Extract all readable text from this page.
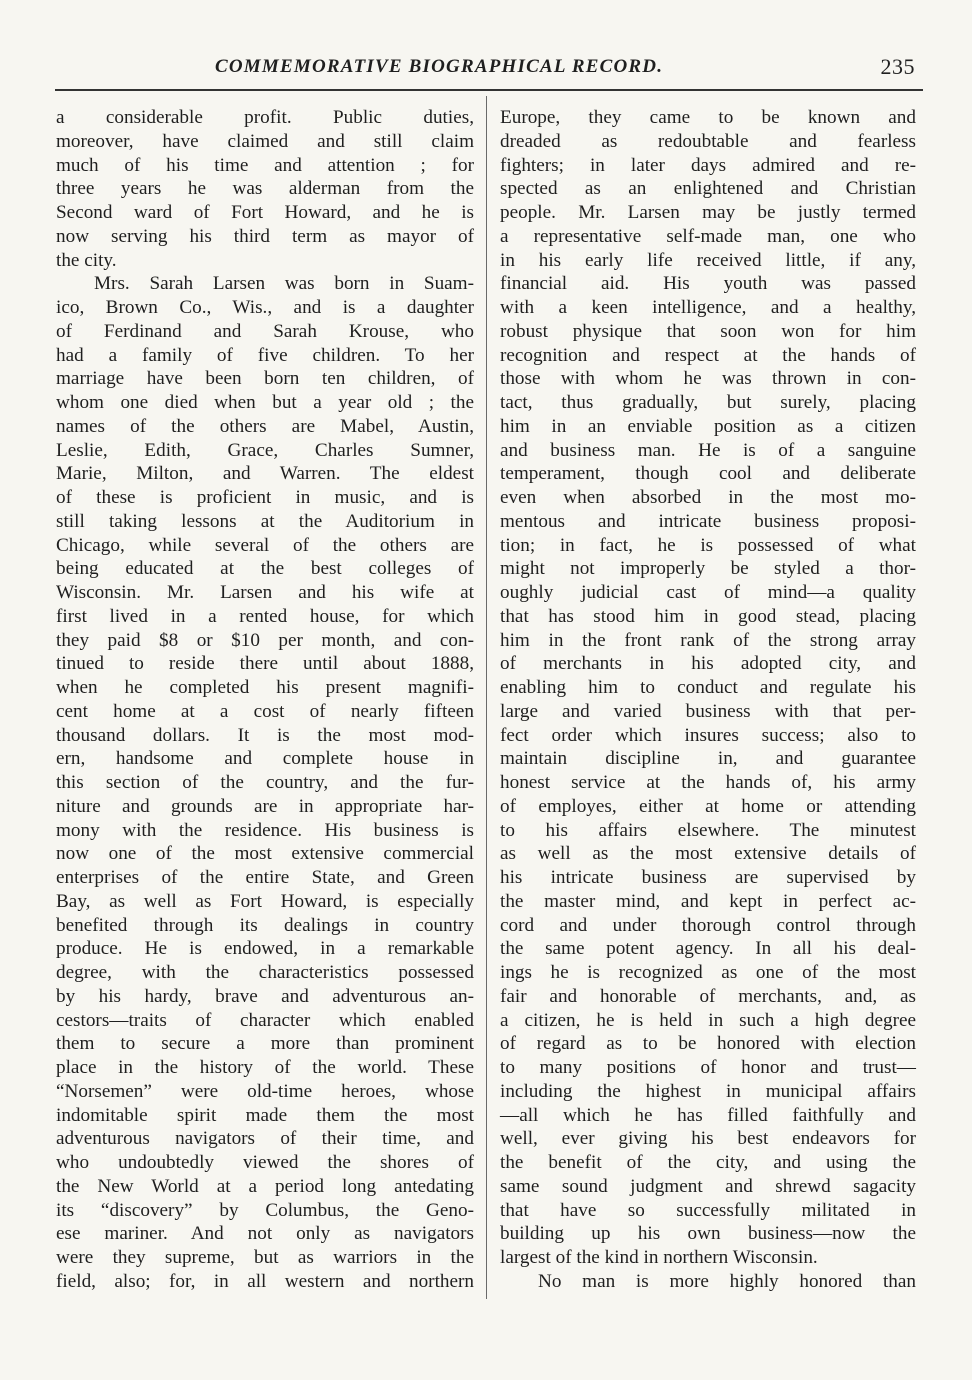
COMMEMORATIVE BIOGRAPHICAL RECORD.	235
a considerable profit. Public duties,
moreover, have claimed and still claim
much of his time and attention ; for
three years he was alderman from the
Second ward of Fort Howard, and he is
now serving his third term as mayor of
the city.
Mrs. Sarah Larsen was born in Suam-
ico, Brown Co., Wis., and is a daughter
of Ferdinand and Sarah Krouse, who
had a family of five children. To her
marriage have been born ten children, of
whom one died when but a year old ; the
names of the others are Mabel, Austin,
Leslie, Edith, Grace, Charles Sumner,
Marie, Milton, and Warren. The eldest
of these is proficient in music, and is
still taking lessons at the Auditorium in
Chicago, while several of the others are
being educated at the best colleges of
Wisconsin. Mr. Larsen and his wife at
first lived in a rented house, for which
they paid $8 or $10 per month, and con-
tinued to reside there until about 1888,
when he completed his present magnifi-
cent home at a cost of nearly fifteen
thousand dollars. It is the most mod-
ern, handsome and complete house in
this section of the country, and the fur-
niture and grounds are in appropriate har-
mony with the residence. His business is
now one of the most extensive commercial
enterprises of the entire State, and Green
Bay, as well as Fort Howard, is especially
benefited through its dealings in country
produce. He is endowed, in a remarkable
degree, with the characteristics possessed
by his hardy, brave and adventurous an-
cestors—traits of character which enabled
them to secure a more than prominent
place in the history of the world. These
“Norsemen” were old-time heroes, whose
indomitable spirit made them the most
adventurous navigators of their time, and
who undoubtedly viewed the shores of
the New World at a period long antedating
its “discovery” by Columbus, the Geno-
ese mariner. And not only as navigators
were they supreme, but as warriors in the
field, also; for, in all western and northern
Europe, they came to be known and
dreaded as redoubtable and fearless
fighters; in later days admired and re-
spected as an enlightened and Christian
people. Mr. Larsen may be justly termed
a representative self-made man, one who
in his early life received little, if any,
financial aid. His youth was passed
with a keen intelligence, and a healthy,
robust physique that soon won for him
recognition and respect at the hands of
those with whom he was thrown in con-
tact, thus gradually, but surely, placing
him in an enviable position as a citizen
and business man. He is of a sanguine
temperament, though cool and deliberate
even when absorbed in the most mo-
mentous and intricate business proposi-
tion; in fact, he is possessed of what
might not improperly be styled a thor-
oughly judicial cast of mind—a quality
that has stood him in good stead, placing
him in the front rank of the strong array
of merchants in his adopted city, and
enabling him to conduct and regulate his
large and varied business with that per-
fect order which insures success; also to
maintain discipline in, and guarantee
honest service at the hands of, his army
of employes, either at home or attending
to his affairs elsewhere. The minutest
as well as the most extensive details of
his intricate business are supervised by
the master mind, and kept in perfect ac-
cord and under thorough control through
the same potent agency. In all his deal-
ings he is recognized as one of the most
fair and honorable of merchants, and, as
a citizen, he is held in such a high degree
of regard as to be honored with election
to many positions of honor and trust—
including the highest in municipal affairs
—all which he has filled faithfully and
well, ever giving his best endeavors for
the benefit of the city, and using the
same sound judgment and shrewd sagacity
that have so successfully militated in
building up his own business—now the
largest of the kind in northern Wisconsin.
No man is more highly honored than
